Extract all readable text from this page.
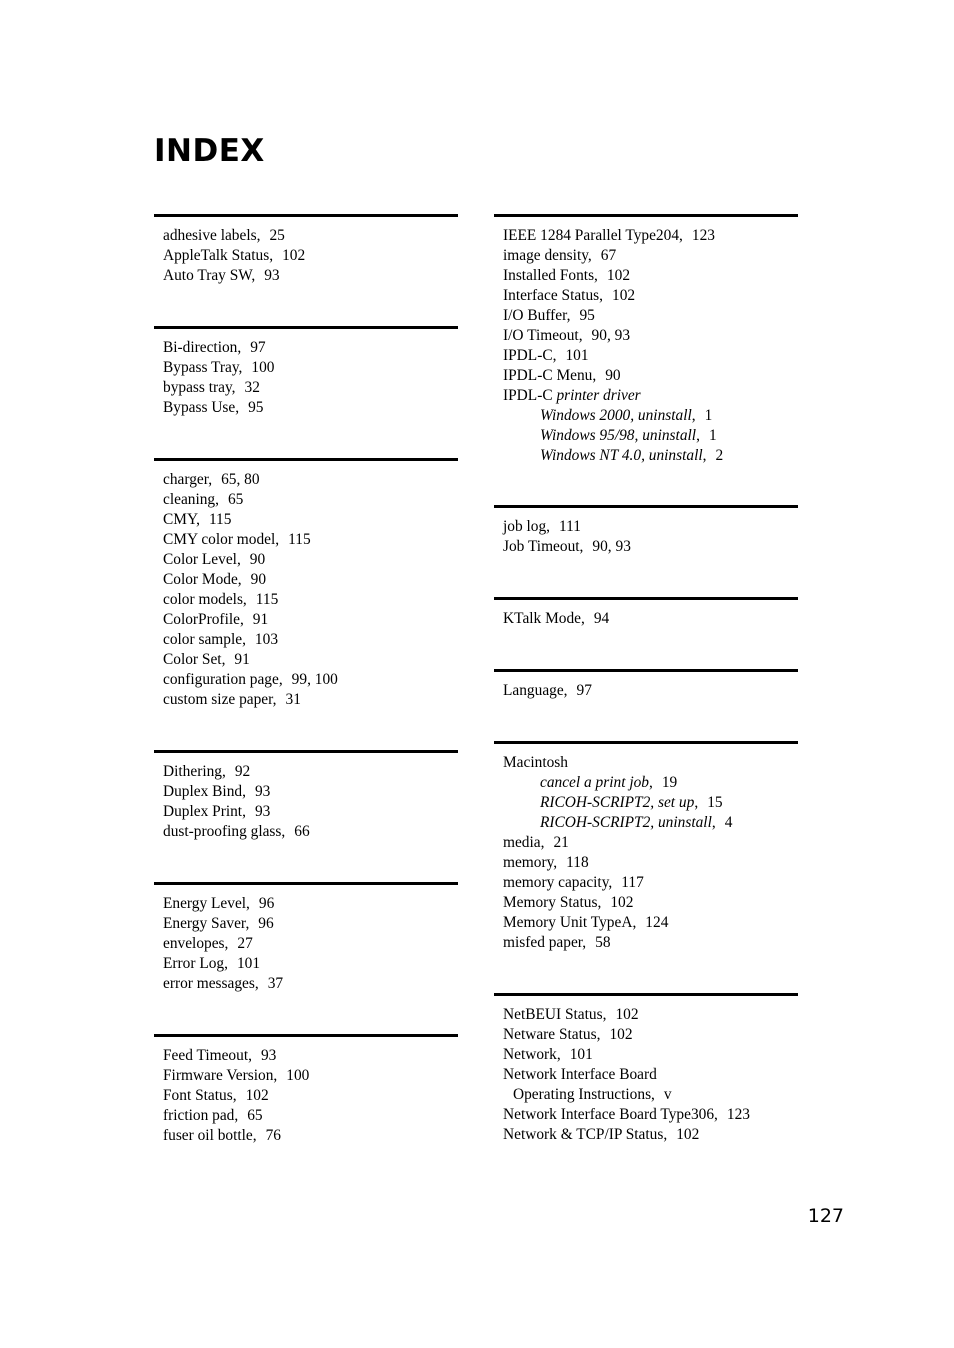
INDEX
adhesive labels, 25
AppleTalk Status, 102
Auto Tray SW, 93
Bi-direction, 97
Bypass Tray, 100
bypass tray, 32
Bypass Use, 95
charger, 65, 80
cleaning, 65
CMY, 115
CMY color model, 115
Color Level, 90
Color Mode, 90
color models, 115
ColorProfile, 91
color sample, 103
Color Set, 91
configuration page, 99, 100
custom size paper, 31
Dithering, 92
Duplex Bind, 93
Duplex Print, 93
dust-proofing glass, 66
Energy Level, 96
Energy Saver, 96
envelopes, 27
Error Log, 101
error messages, 37
Feed Timeout, 93
Firmware Version, 100
Font Status, 102
friction pad, 65
fuser oil bottle, 76
IEEE 1284 Parallel Type204, 123
image density, 67
Installed Fonts, 102
Interface Status, 102
I/O Buffer, 95
I/O Timeout, 90, 93
IPDL-C, 101
IPDL-C Menu, 90
IPDL-C printer driver
Windows 2000, uninstall, 1
Windows 95/98, uninstall, 1
Windows NT 4.0, uninstall, 2
job log, 111
Job Timeout, 90, 93
KTalk Mode, 94
Language, 97
Macintosh
cancel a print job, 19
RICOH-SCRIPT2, set up, 15
RICOH-SCRIPT2, uninstall, 4
media, 21
memory, 118
memory capacity, 117
Memory Status, 102
Memory Unit TypeA, 124
misfed paper, 58
NetBEUI Status, 102
Netware Status, 102
Network, 101
Network Interface Board
Operating Instructions, v
Network Interface Board Type306, 123
Network & TCP/IP Status, 102
127
